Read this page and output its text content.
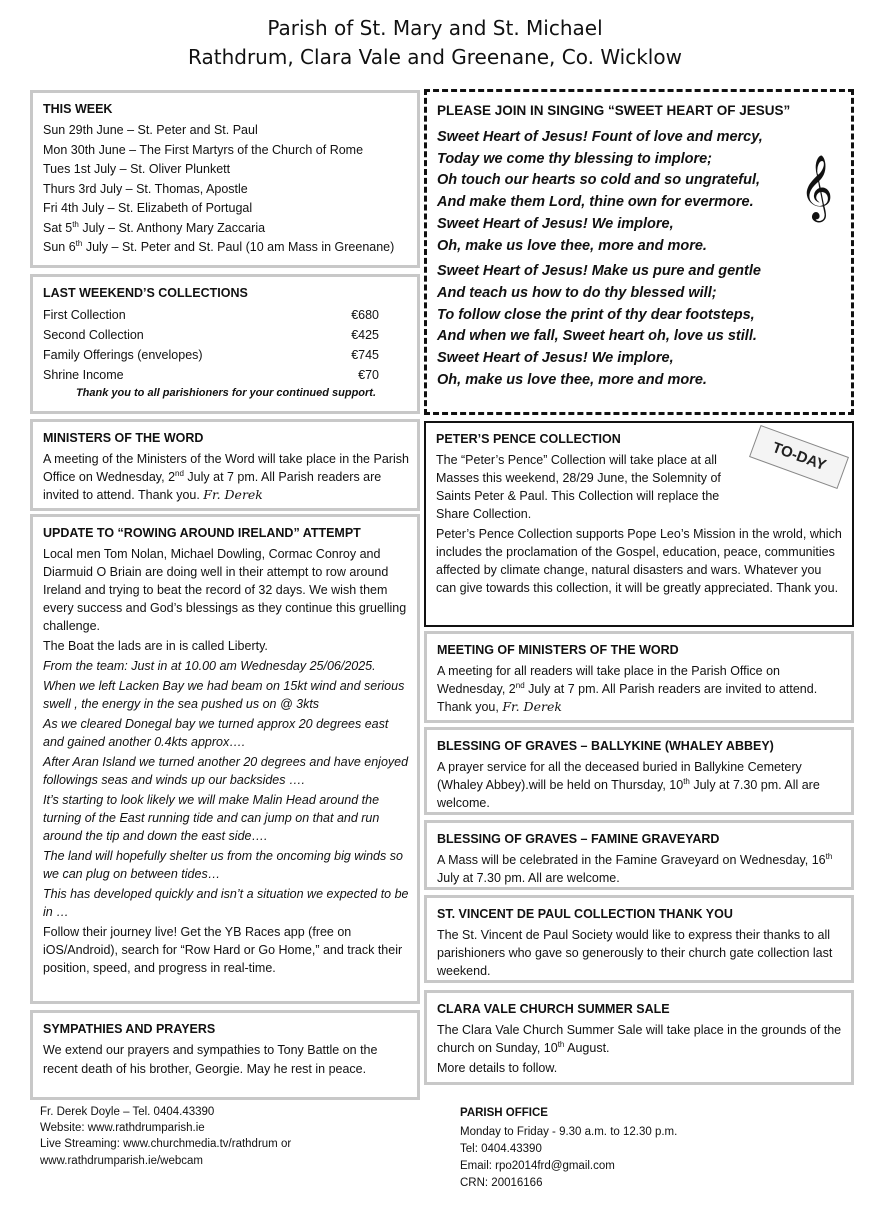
Parish of St. Mary and St. Michael
Rathdrum, Clara Vale and Greenane, Co. Wicklow
THIS WEEK
Sun 29th June – St. Peter and St. Paul
Mon 30th June – The First Martyrs of the Church of Rome
Tues 1st July – St. Oliver Plunkett
Thurs 3rd July – St. Thomas, Apostle
Fri 4th July – St. Elizabeth of Portugal
Sat 5th July – St. Anthony Mary Zaccaria
Sun 6th July – St. Peter and St. Paul (10 am Mass in Greenane)
LAST WEEKEND’S COLLECTIONS
First Collection	€680
Second Collection	€425
Family Offerings (envelopes)	€745
Shrine Income	€70
Thank you to all parishioners for your continued support.
MINISTERS OF THE WORD
A meeting of the Ministers of the Word will take place in the Parish Office on Wednesday, 2nd July at 7 pm. All Parish readers are invited to attend. Thank you. Fr. Derek
UPDATE TO “ROWING AROUND IRELAND” ATTEMPT
Local men Tom Nolan, Michael Dowling, Cormac Conroy and Diarmuid O Briain are doing well in their attempt to row around Ireland and trying to beat the record of 32 days. We wish them every success and God’s blessings as they continue this gruelling challenge.
The Boat the lads are in is called Liberty.
From the team: Just in at 10.00 am Wednesday 25/06/2025.
When we left Lacken Bay we had beam on 15kt wind and serious swell , the energy in the sea pushed us on @ 3kts
As we cleared Donegal bay we turned approx 20 degrees east and gained another 0.4kts approx….
After Aran Island we turned another 20 degrees and have enjoyed followings seas and winds up our backsides ….
It’s starting to look likely we will make Malin Head around the turning of the East running tide and can jump on that and run around the tip and down the east side….
The land will hopefully shelter us from the oncoming big winds so we can plug on between tides…
This has developed quickly and isn’t a situation we expected to be in …
Follow their journey live! Get the YB Races app (free on iOS/Android), search for “Row Hard or Go Home,” and track their position, speed, and progress in real-time.
SYMPATHIES AND PRAYERS
We extend our prayers and sympathies to Tony Battle on the recent death of his brother, Georgie. May he rest in peace.
PLEASE JOIN IN SINGING “SWEET HEART OF JESUS”
Sweet Heart of Jesus! Fount of love and mercy,
Today we come thy blessing to implore;
Oh touch our hearts so cold and so ungrateful,
And make them Lord, thine own for evermore.
Sweet Heart of Jesus! We implore,
Oh, make us love thee, more and more.
Sweet Heart of Jesus! Make us pure and gentle
And teach us how to do thy blessed will;
To follow close the print of thy dear footsteps,
And when we fall, Sweet heart oh, love us still.
Sweet Heart of Jesus! We implore,
Oh, make us love thee, more and more.
𝄞
PETER’S PENCE COLLECTION
The “Peter’s Pence” Collection will take place at all
Masses this weekend, 28/29 June, the Solemnity of
Saints Peter & Paul. This Collection will replace the
Share Collection.
Peter’s Pence Collection supports Pope Leo’s Mission in the wrold, which includes the proclamation of the Gospel, education, peace, communities affected by climate change, natural disasters and wars. Whatever you can give towards this collection, it will be greatly appreciated. Thank you.
TO-DAY
MEETING OF MINISTERS OF THE WORD
A meeting for all readers will take place in the Parish Office on Wednesday, 2nd July at 7 pm. All Parish readers are invited to attend. Thank you, Fr. Derek
BLESSING OF GRAVES – BALLYKINE (WHALEY ABBEY)
A prayer service for all the deceased buried in Ballykine Cemetery (Whaley Abbey).will be held on Thursday, 10th July at 7.30 pm. All are welcome.
BLESSING OF GRAVES – FAMINE GRAVEYARD
A Mass will be celebrated in the Famine Graveyard on Wednesday, 16th July at 7.30 pm. All are welcome.
ST. VINCENT DE PAUL COLLECTION THANK YOU
The St. Vincent de Paul Society would like to express their thanks to all parishioners who gave so generously to their church gate collection last weekend.
CLARA VALE CHURCH SUMMER SALE
The Clara Vale Church Summer Sale will take place in the grounds of the church on Sunday, 10th August.
More details to follow.
Fr. Derek Doyle – Tel. 0404.43390
Website: www.rathdrumparish.ie
Live Streaming: www.churchmedia.tv/rathdrum or
www.rathdrumparish.ie/webcam
PARISH OFFICE
Monday to Friday - 9.30 a.m. to 12.30 p.m.
Tel: 0404.43390
Email: rpo2014frd@gmail.com
CRN: 20016166
